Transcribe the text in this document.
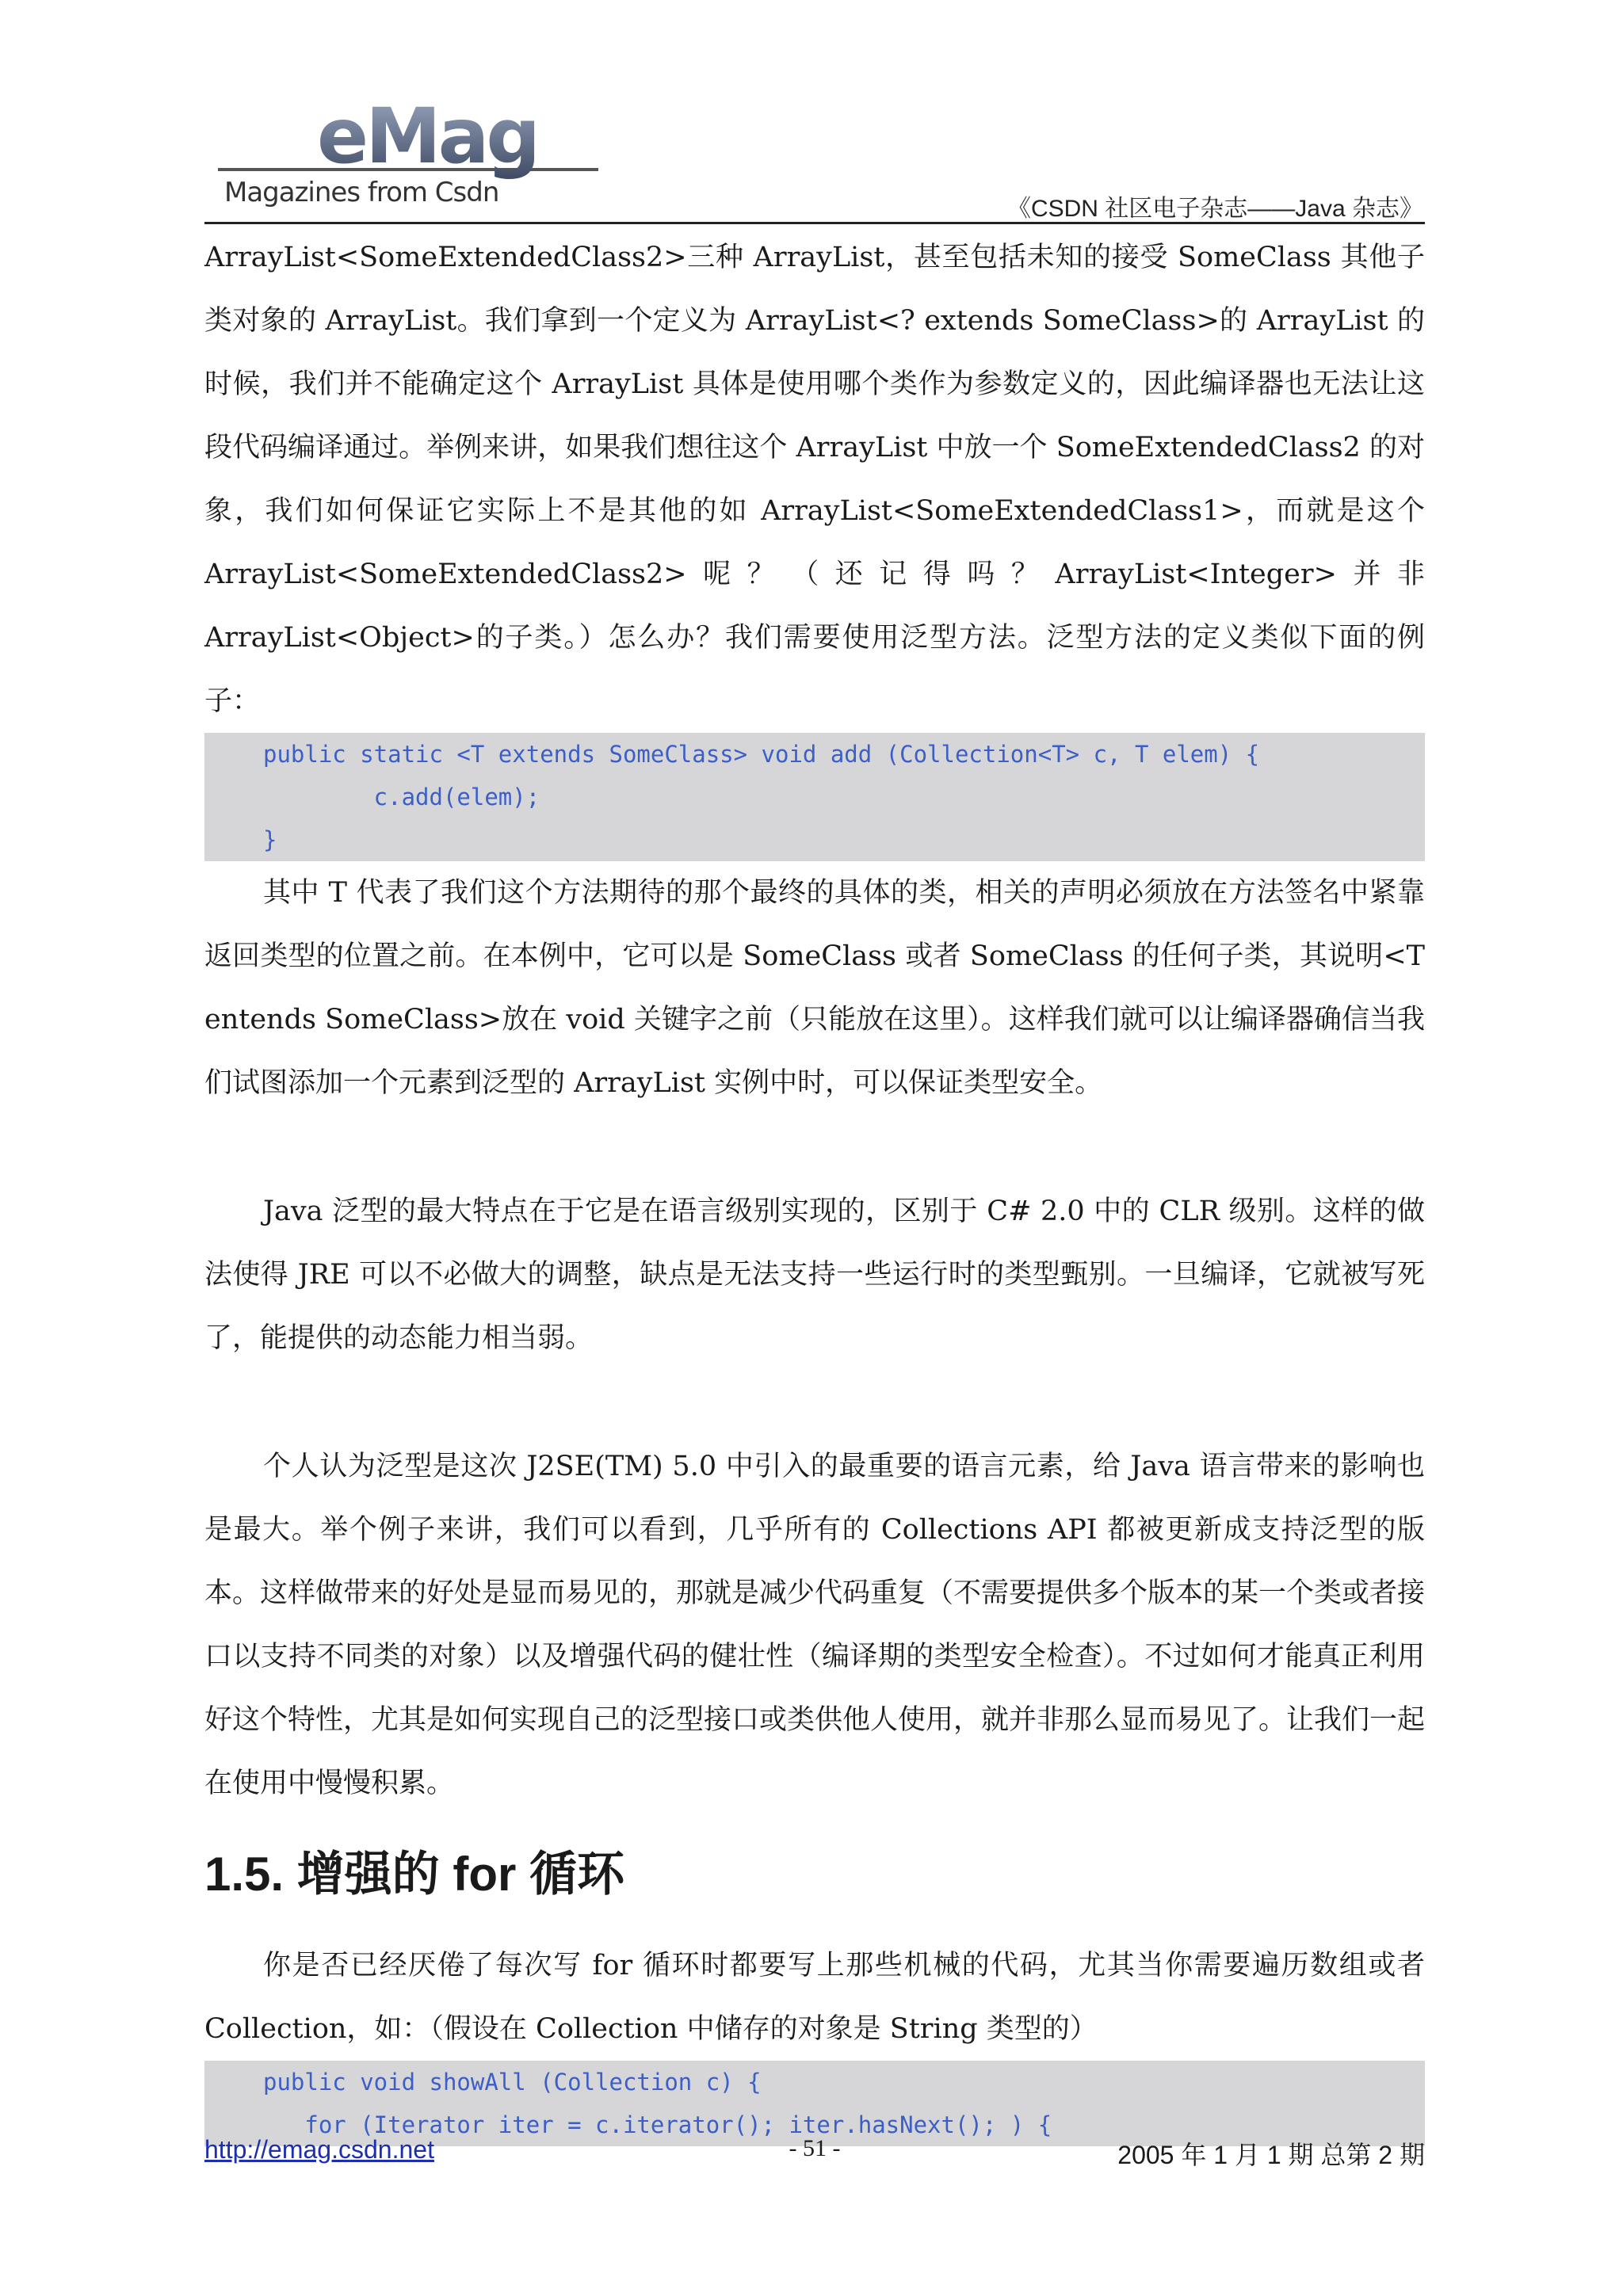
eMag
Magazines from Csdn
《CSDN 社区电子杂志——Java 杂志》

ArrayList<SomeExtendedClass2>三种 ArrayList，甚至包括未知的接受 SomeClass 其他子类对象的 ArrayList。我们拿到一个定义为 ArrayList<? extends SomeClass>的 ArrayList 的时候，我们并不能确定这个 ArrayList 具体是使用哪个类作为参数定义的，因此编译器也无法让这段代码编译通过。举例来讲，如果我们想往这个 ArrayList 中放一个 SomeExtendedClass2 的对象，我们如何保证它实际上不是其他的如 ArrayList<SomeExtendedClass1>，而就是这个 ArrayList<SomeExtendedClass2>呢？（还记得吗？ArrayList<Integer>并非 ArrayList<Object>的子类。）怎么办？我们需要使用泛型方法。泛型方法的定义类似下面的例子：

public static <T extends SomeClass> void add (Collection<T> c, T elem) {
c.add(elem);
}

其中 T 代表了我们这个方法期待的那个最终的具体的类，相关的声明必须放在方法签名中紧靠返回类型的位置之前。在本例中，它可以是 SomeClass 或者 SomeClass 的任何子类，其说明<T entends SomeClass>放在 void 关键字之前（只能放在这里）。这样我们就可以让编译器确信当我们试图添加一个元素到泛型的 ArrayList 实例中时，可以保证类型安全。

Java 泛型的最大特点在于它是在语言级别实现的，区别于 C# 2.0 中的 CLR 级别。这样的做法使得 JRE 可以不必做大的调整，缺点是无法支持一些运行时的类型甄别。一旦编译，它就被写死了，能提供的动态能力相当弱。

个人认为泛型是这次 J2SE(TM) 5.0 中引入的最重要的语言元素，给 Java 语言带来的影响也是最大。举个例子来讲，我们可以看到，几乎所有的 Collections API 都被更新成支持泛型的版本。这样做带来的好处是显而易见的，那就是减少代码重复（不需要提供多个版本的某一个类或者接口以支持不同类的对象）以及增强代码的健壮性（编译期的类型安全检查）。不过如何才能真正利用好这个特性，尤其是如何实现自己的泛型接口或类供他人使用，就并非那么显而易见了。让我们一起在使用中慢慢积累。

1.5. 增强的 for 循环

你是否已经厌倦了每次写 for 循环时都要写上那些机械的代码，尤其当你需要遍历数组或者 Collection，如：（假设在 Collection 中储存的对象是 String 类型的）

public void showAll (Collection c) {
for (Iterator iter = c.iterator(); iter.hasNext(); ) {
http://emag.csdn.net	- 51 -	2005 年 1 月 1 期 总第 2 期
